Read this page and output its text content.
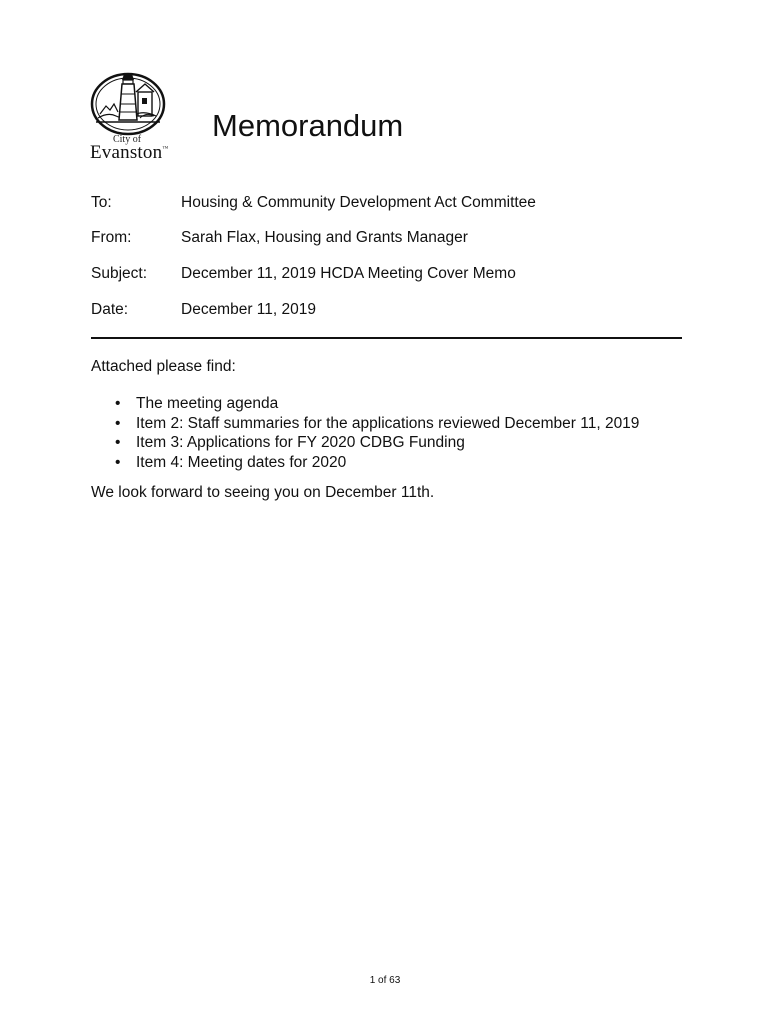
City of
Evanston™
Memorandum
To:	Housing & Community Development Act Committee
From:	Sarah Flax, Housing and Grants Manager
Subject: December 11, 2019 HCDA Meeting Cover Memo
Date:	December 11, 2019

Attached please find:

• The meeting agenda
• Item 2: Staff summaries for the applications reviewed December 11, 2019
• Item 3: Applications for FY 2020 CDBG Funding
• Item 4: Meeting dates for 2020

We look forward to seeing you on December 11th.

1 of 63
